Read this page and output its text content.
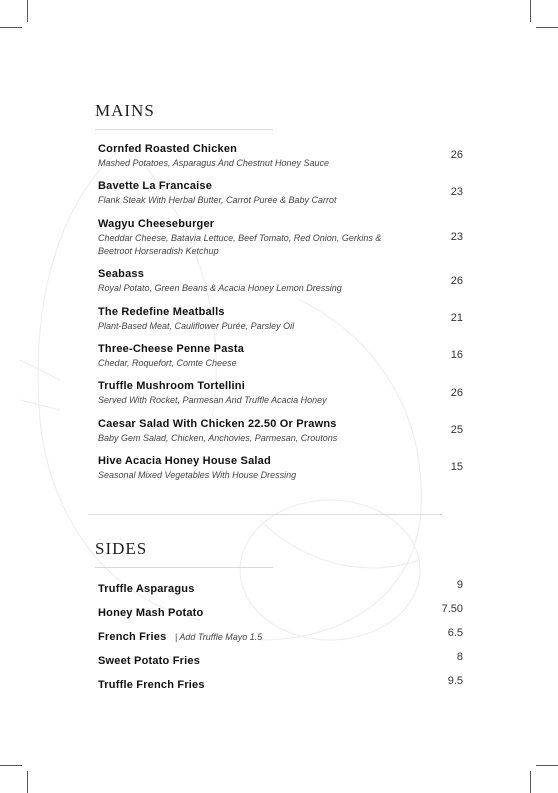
MAINS
Cornfed Roasted Chicken
Mashed Potatoes, Asparagus And Chestnut Honey Sauce
26
Bavette La Francaise
Flank Steak With Herbal Butter, Carrot Puree & Baby Carrot
23
Wagyu Cheeseburger
Cheddar Cheese, Batavia Lettuce, Beef Tomato, Red Onion, Gerkins & Beetroot Horseradish Ketchup
23
Seabass
Royal Potato, Green Beans & Acacia Honey Lemon Dressing
26
The Redefine Meatballs
Plant-Based Meat, Cauliflower Purée, Parsley Oil
21
Three-Cheese Penne Pasta
Chedar, Roquefort, Comte Cheese
16
Truffle Mushroom Tortellini
Served With Rocket, Parmesan And Truffle Acacia Honey
26
Caesar Salad With Chicken 22.50 Or Prawns
Baby Gem Salad, Chicken, Anchovies, Parmesan, Croutons
25
Hive Acacia Honey House Salad
Seasonal Mixed Vegetables With House Dressing
15
SIDES
Truffle Asparagus	9
Honey Mash Potato	7.50
French Fries | Add Truffle Mayo 1.5	6.5
Sweet Potato Fries	8
Truffle French Fries	9.5
